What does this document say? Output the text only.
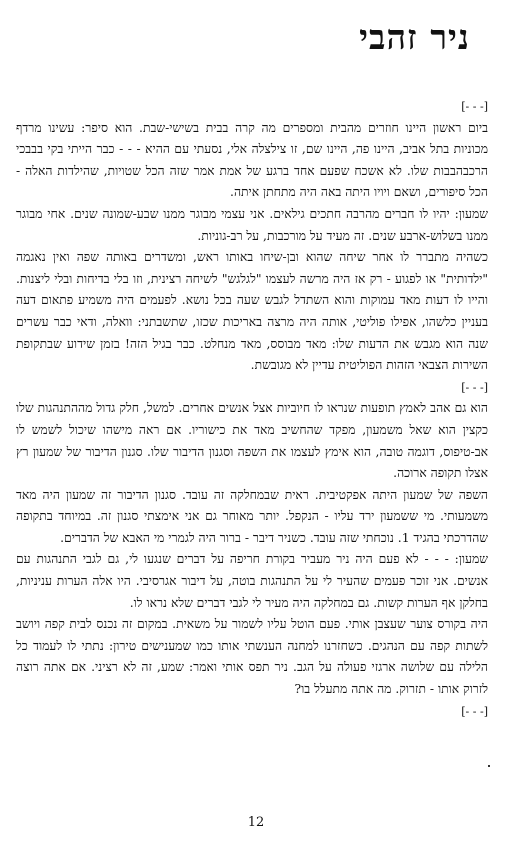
ניר זהבי
[- - -]

ביום ראשון היינו חוזרים מהבית ומספרים מה קרה בבית בשישי-שבת. הוא סיפר: עשינו מרדף מכוניות בתל אביב, היינו פה, היינו שם, זו צילצלה אלי, נסעתי עם ההיא - - - כבר הייתי בקי בבבכי הרכבהבבות שלו. לא אשכח שפעם אחד ברגע של אמת אמר שזה הכל שטויות, שהילדות האלה - הכל סיפורים, ושאם ויויו היתה באה היה מתחתן איתה.

שמעון: יהיו לו חברים מהרבה חתכים גילאים. אני עצמי מבוגר ממנו שבע-שמונה שנים. אחי מבוגר ממנו בשלוש-ארבע שנים. זה מעיד על מורכבות, על רב-גוניות.

כשהיה מתברר לו אחר שיחה שהוא ובן-שיחו באותו ראש, ומשדרים באותה שפה ואין נאגמה "ילדותית" או לפגוע - רק אז היה מרשה לעצמו "לגלגש" לשיחה רצינית, וזו בלי בדיחות ובלי ליצנות. והייו לו דעות מאד עמוקות והוא השתדל לגבש שעה בכל נושא. לפעמים היה משמיע פתאום דעה בעניין כלשהו, אפילו פוליטי, אותה היה מרצה באריכות שכזו, שתשבתני: וואלה, ודאי כבר עשרים שנה הוא מגבש את הדעות שלו: מאד מבוסס, מאד מנחלט. כבר בגיל הזה! בזמן שידוע שבתקופת השירות הצבאי הזהות הפוליטית עדיין לא מגובשת.

[- - -]

הוא גם אהב לאמץ תופעות שנראו לו חיוביות אצל אנשים אחרים. למשל, חלק גדול מההתנהגות שלו כקצין הוא שאל משמעון, מפקד שהחשיב מאד את כישוריו. אם ראה מישהו שיכול לשמש לו אב-טיפוס, דוגמה טובה, הוא אימץ לעצמו את השפה וסגנון הדיבור שלו. סגנון הדיבור של שמעון רץ אצלו תקופה ארוכה.

השפה של שמעון היתה אפקטיבית. ראית שבמחלקה זה עובד. סגנון הדיבור זה שמעון היה מאד משמעותי. מי ששמעון ירד עליו - הנקפל. יותר מאוחר גם אני אימצתי סגנון זה. במיוחד בתקופה שהדרכתי בהגיד 1. נוכחתי שזה עובד. כשניר דיבר - ברור היה לגמרי מי האבא של הדברים.

שמעון: - - - לא פעם היה ניר מעביר בקורת חריפה על דברים שנגעו לי, גם לגבי התנהגות עם אנשים. אני זוכר פעמים שהעיר לי על התנהגות בוטה, על דיבור אגרסיבי. היו אלה הערות עניניות, בחלקן אף הערות קשות. גם במחלקה היה מעיר לי לגבי דברים שלא נראו לו.

היה בקורס צוער שעצבן אותי. פעם הוטל עליו לשמור על משאית. במקום זה נכנס לבית קפה ויושב לשתות קפה עם הנהגים. כשחזרנו למחנה הענשתי אותו כמו שמענישים טירון: נתתי לו לעמוד כל הלילה עם שלושה ארגזי פעולה על הגב. ניר תפס אותי ואמר: שמע, זה לא רציני. אם אתה רוצה לזרוק אותו - תזרוק. מה אתה מתעלל בו?

[- - -]
12
